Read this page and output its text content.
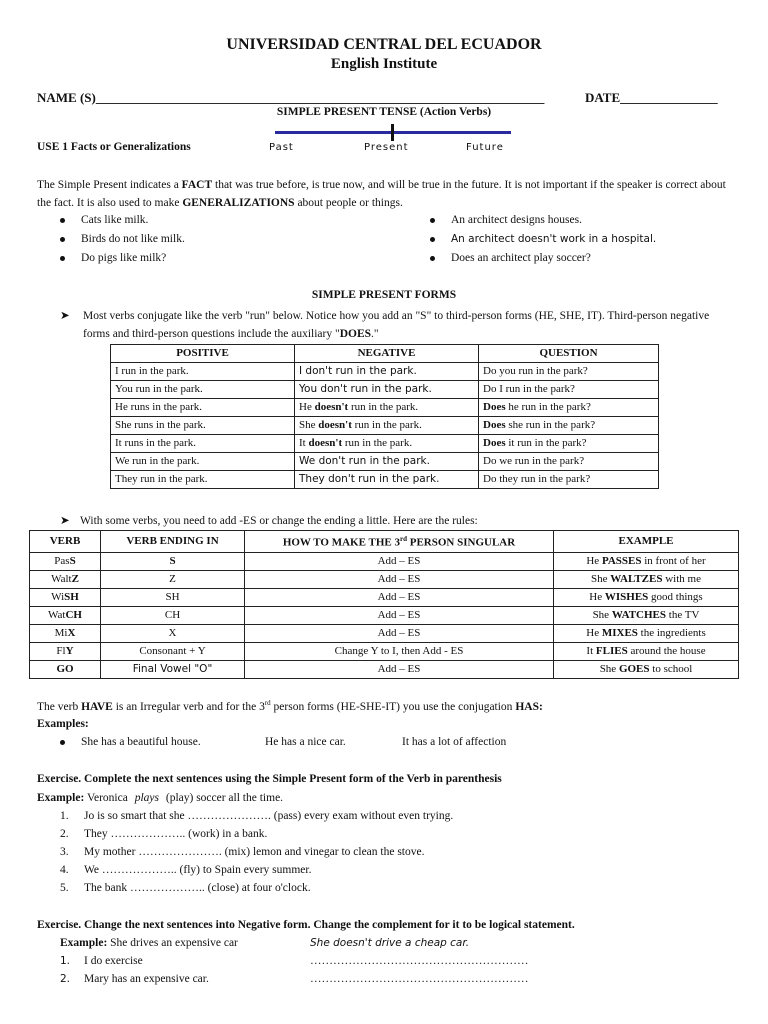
UNIVERSIDAD CENTRAL DEL ECUADOR
English Institute
NAME (S)_____________________________________________________________________	DATE_______________
SIMPLE PRESENT TENSE (Action Verbs)
Past	Present	Future
USE 1 Facts or Generalizations
The Simple Present indicates a FACT that was true before, is true now, and will be true in the future. It is not important if the speaker is correct about the fact. It is also used to make GENERALIZATIONS about people or things.
Cats like milk.
Birds do not like milk.
Do pigs like milk?
An architect designs houses.
An architect doesn't work in a hospital.
Does an architect play soccer?
SIMPLE PRESENT FORMS
➤ Most verbs conjugate like the verb "run" below. Notice how you add an "S" to third-person forms (HE, SHE, IT). Third-person negative forms and third-person questions include the auxiliary "DOES."
POSITIVE	NEGATIVE	QUESTION
I run in the park.	I don't run in the park.	Do you run in the park?
You run in the park.	You don't run in the park.	Do I run in the park?
He runs in the park.	He doesn't run in the park.	Does he run in the park?
She runs in the park.	She doesn't run in the park.	Does she run in the park?
It runs in the park.	It doesn't run in the park.	Does it run in the park?
We run in the park.	We don't run in the park.	Do we run in the park?
They run in the park.	They don't run in the park.	Do they run in the park?
➤ With some verbs, you need to add -ES or change the ending a little. Here are the rules:
VERB	VERB ENDING IN	HOW TO MAKE THE 3rd PERSON SINGULAR	EXAMPLE
PasS	S	Add – ES	He PASSES in front of her
WaltZ	Z	Add – ES	She WALTZES with me
WiSH	SH	Add – ES	He WISHES good things
WatCH	CH	Add – ES	She WATCHES the TV
MiX	X	Add – ES	He MIXES the ingredients
FlY	Consonant + Y	Change Y to I, then Add - ES	It FLIES around the house
GO	Final Vowel "O"	Add – ES	She GOES to school
The verb HAVE is an Irregular verb and for the 3rd person forms (HE-SHE-IT) you use the conjugation HAS:
Examples:
She has a beautiful house.	He has a nice car.	It has a lot of affection
Exercise. Complete the next sentences using the Simple Present form of the Verb in parenthesis
Example: Veronica plays (play) soccer all the time.
1. Jo is so smart that she …………………. (pass) every exam without even trying.
2. They ……………….. (work) in a bank.
3. My mother …………………. (mix) lemon and vinegar to clean the stove.
4. We ……………….. (fly) to Spain every summer.
5. The bank ……………….. (close) at four o'clock.
Exercise. Change the next sentences into Negative form. Change the complement for it to be logical statement.
Example: She drives an expensive car	She doesn't drive a cheap car.
1. I do exercise	…………………………………………………
2. Mary has an expensive car.	…………………………………………………
